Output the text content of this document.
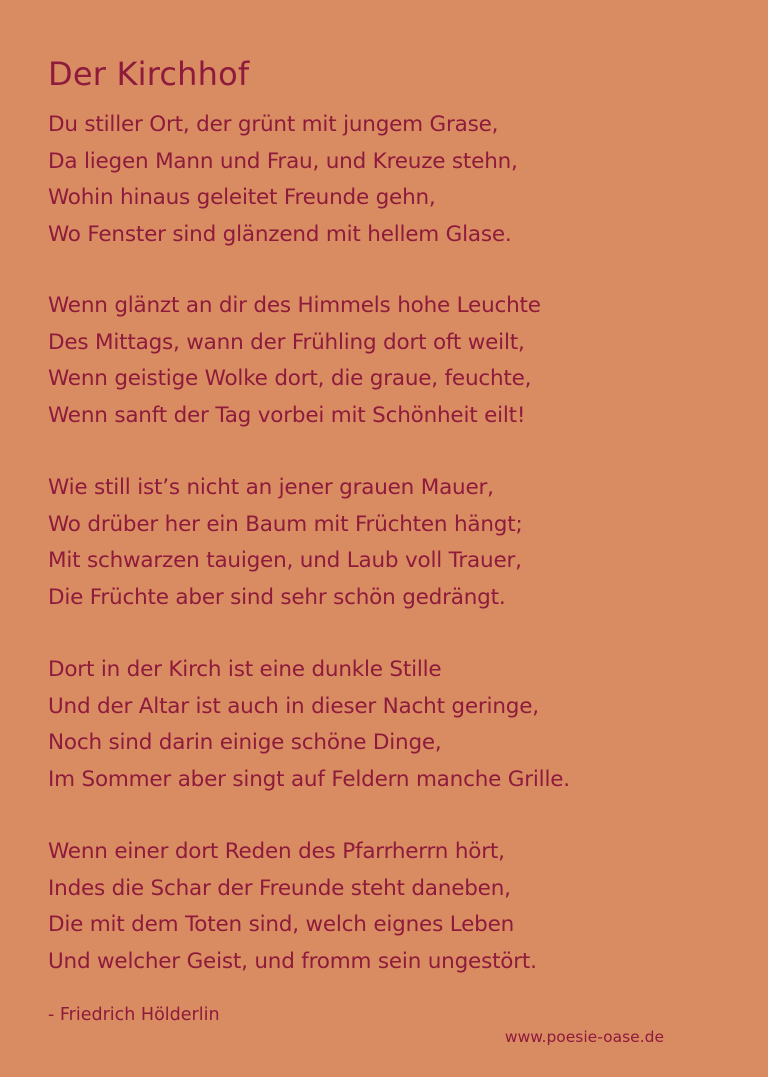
Der Kirchhof
Du stiller Ort, der grünt mit jungem Grase,
Da liegen Mann und Frau, und Kreuze stehn,
Wohin hinaus geleitet Freunde gehn,
Wo Fenster sind glänzend mit hellem Glase.
Wenn glänzt an dir des Himmels hohe Leuchte
Des Mittags, wann der Frühling dort oft weilt,
Wenn geistige Wolke dort, die graue, feuchte,
Wenn sanft der Tag vorbei mit Schönheit eilt!
Wie still ist’s nicht an jener grauen Mauer,
Wo drüber her ein Baum mit Früchten hängt;
Mit schwarzen tauigen, und Laub voll Trauer,
Die Früchte aber sind sehr schön gedrängt.
Dort in der Kirch ist eine dunkle Stille
Und der Altar ist auch in dieser Nacht geringe,
Noch sind darin einige schöne Dinge,
Im Sommer aber singt auf Feldern manche Grille.
Wenn einer dort Reden des Pfarrherrn hört,
Indes die Schar der Freunde steht daneben,
Die mit dem Toten sind, welch eignes Leben
Und welcher Geist, und fromm sein ungestört.
- Friedrich Hölderlin
www.poesie-oase.de
